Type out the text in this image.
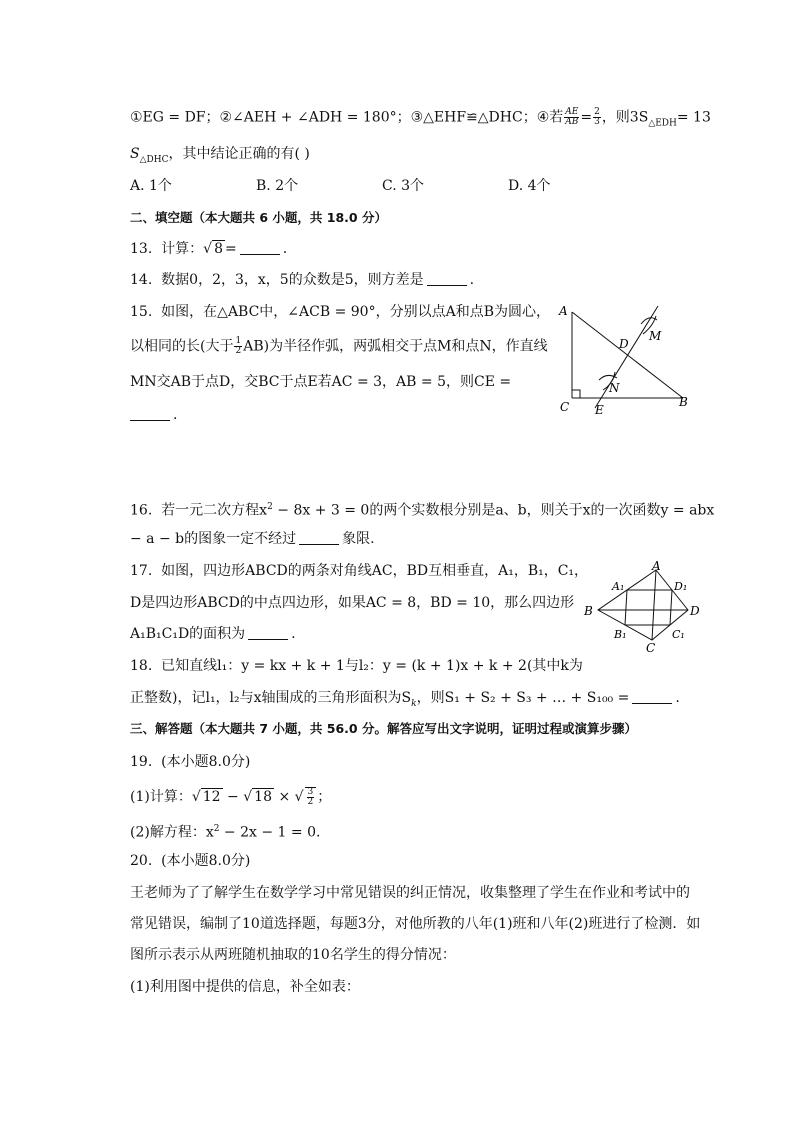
①EG = DF；②∠AEH + ∠ADH = 180°；③△EHF≌△DHC；④若 $\frac{AE}{AB} = \frac{2}{3}$ ，则$3S_{\triangle EDH}= 13$
$S_{\triangle DHC}$，其中结论正确的有( )
A. 1个	B. 2个	C. 3个	D. 4个
二、填空题（本大题共 6 小题，共 18.0 分）
13. 计算：√ 8 =	.
14. 数据0，2，3，x，5的众数是5，则方差是	.
15. 如图，在△ABC中，∠ACB = 90°，分别以点A和点B为圆心，
以相同的长(大于 $\frac{1}{2} AB$)为半径作弧，两弧相交于点M和点N，作直线
MN交AB于点D，交BC于点E若AC = 3，AB = 5，则CE =
.
A
B
C
D
E
M
N
16. 若一元二次方程$x^2 - 8x + 3 = 0$的两个实数根分别是a、b，则关于x的一次函数y = abx
− a − b的图象一定不经过	象限.
17. 如图，四边形ABCD的两条对角线AC，BD互相垂直，A₁，B₁，C₁，
D是四边形ABCD的中点四边形，如果AC = 8，BD = 10，那么四边形
A₁B₁C₁D的面积为	.
A
B
C
D
A₁
B₁	C₁
D₁
18. 已知直线l₁：y = kx + k + 1与l₂：y = (k + 1)x + k + 2(其中k为
正整数)，记l₁，l₂与x轴围成的三角形面积为$S_k$，则S₁ + S₂ + S₃ + … + S₁₀₀ =	.
三、解答题（本大题共 7 小题，共 56.0 分。解答应写出文字说明，证明过程或演算步骤）
19. (本小题8.0分)
(1)计算：√ 12 − √ 18 × √ $\frac{3}{2}$ ；
(2)解方程：$x^2 - 2x - 1 = 0$.
20. (本小题8.0分)
王老师为了了解学生在数学学习中常见错误的纠正情况，收集整理了学生在作业和考试中的
常见错误，编制了10道选择题，每题3分，对他所教的八年(1)班和八年(2)班进行了检测．如
图所示表示从两班随机抽取的10名学生的得分情况：
(1)利用图中提供的信息，补全如表：
